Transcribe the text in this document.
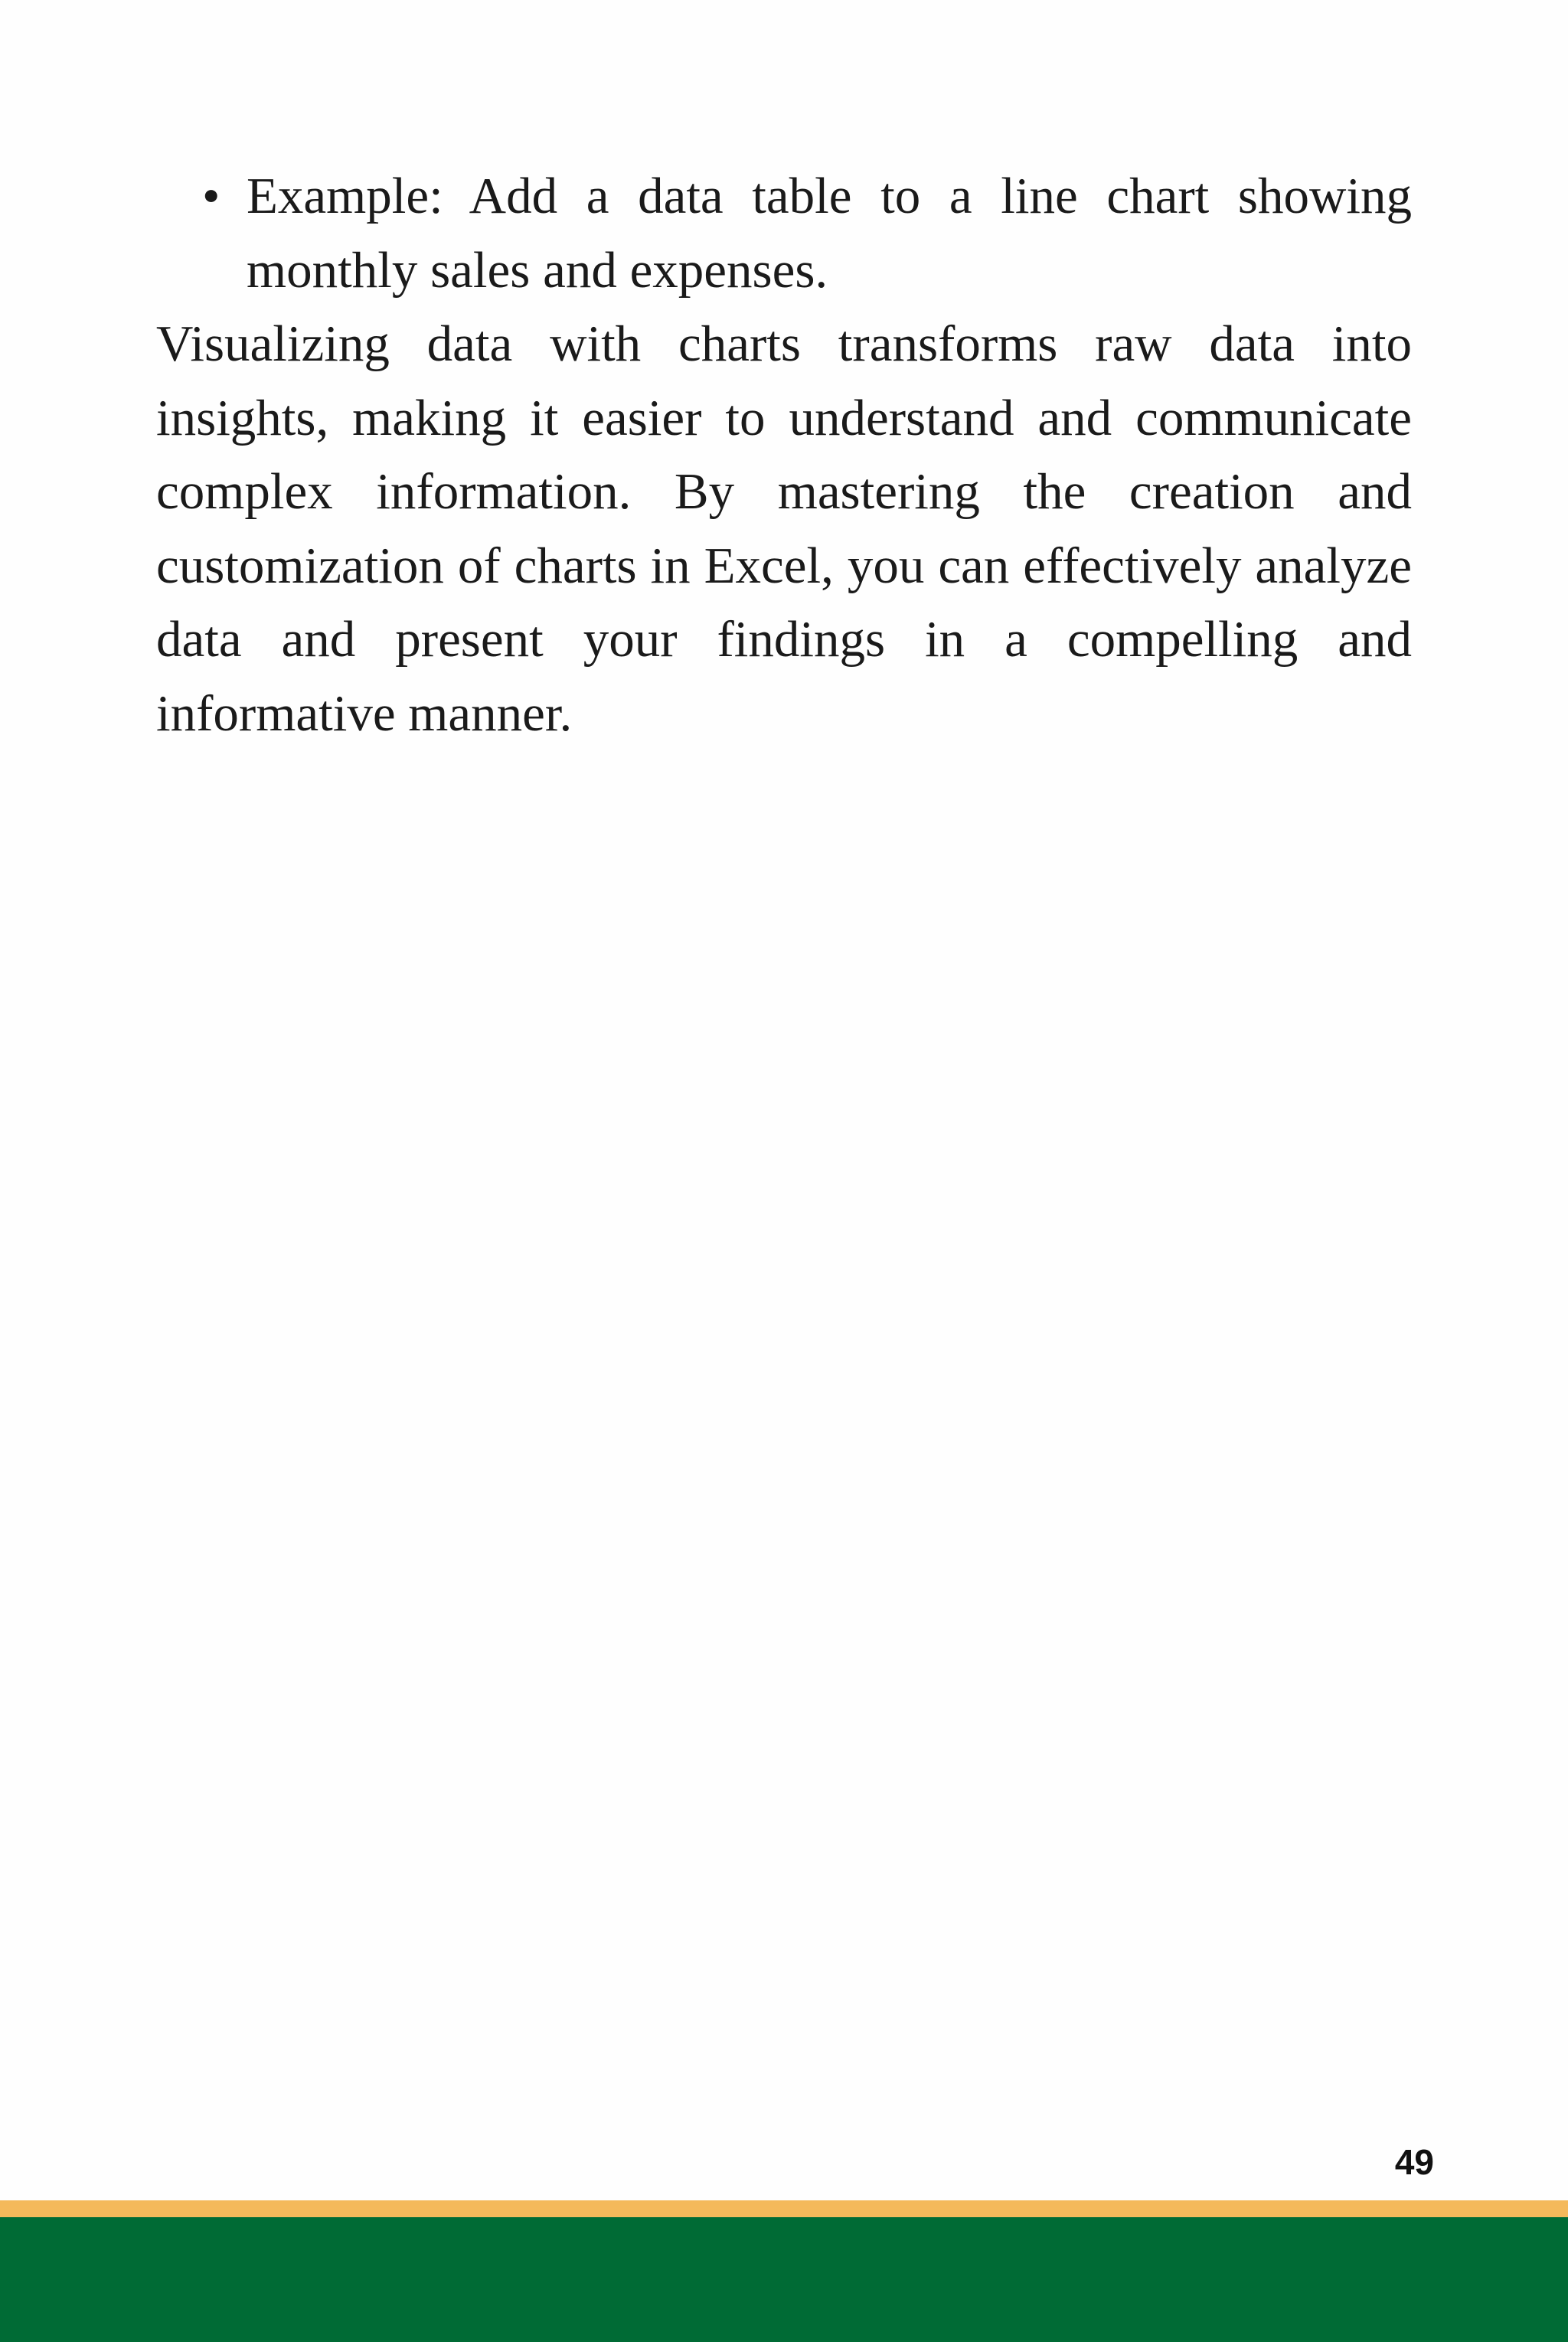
• Example: Add a data table to a line chart showing monthly sales and expenses.

Visualizing data with charts transforms raw data into insights, making it easier to understand and communicate complex information. By mastering the creation and customization of charts in Excel, you can effectively analyze data and present your findings in a compelling and informative manner.

49
